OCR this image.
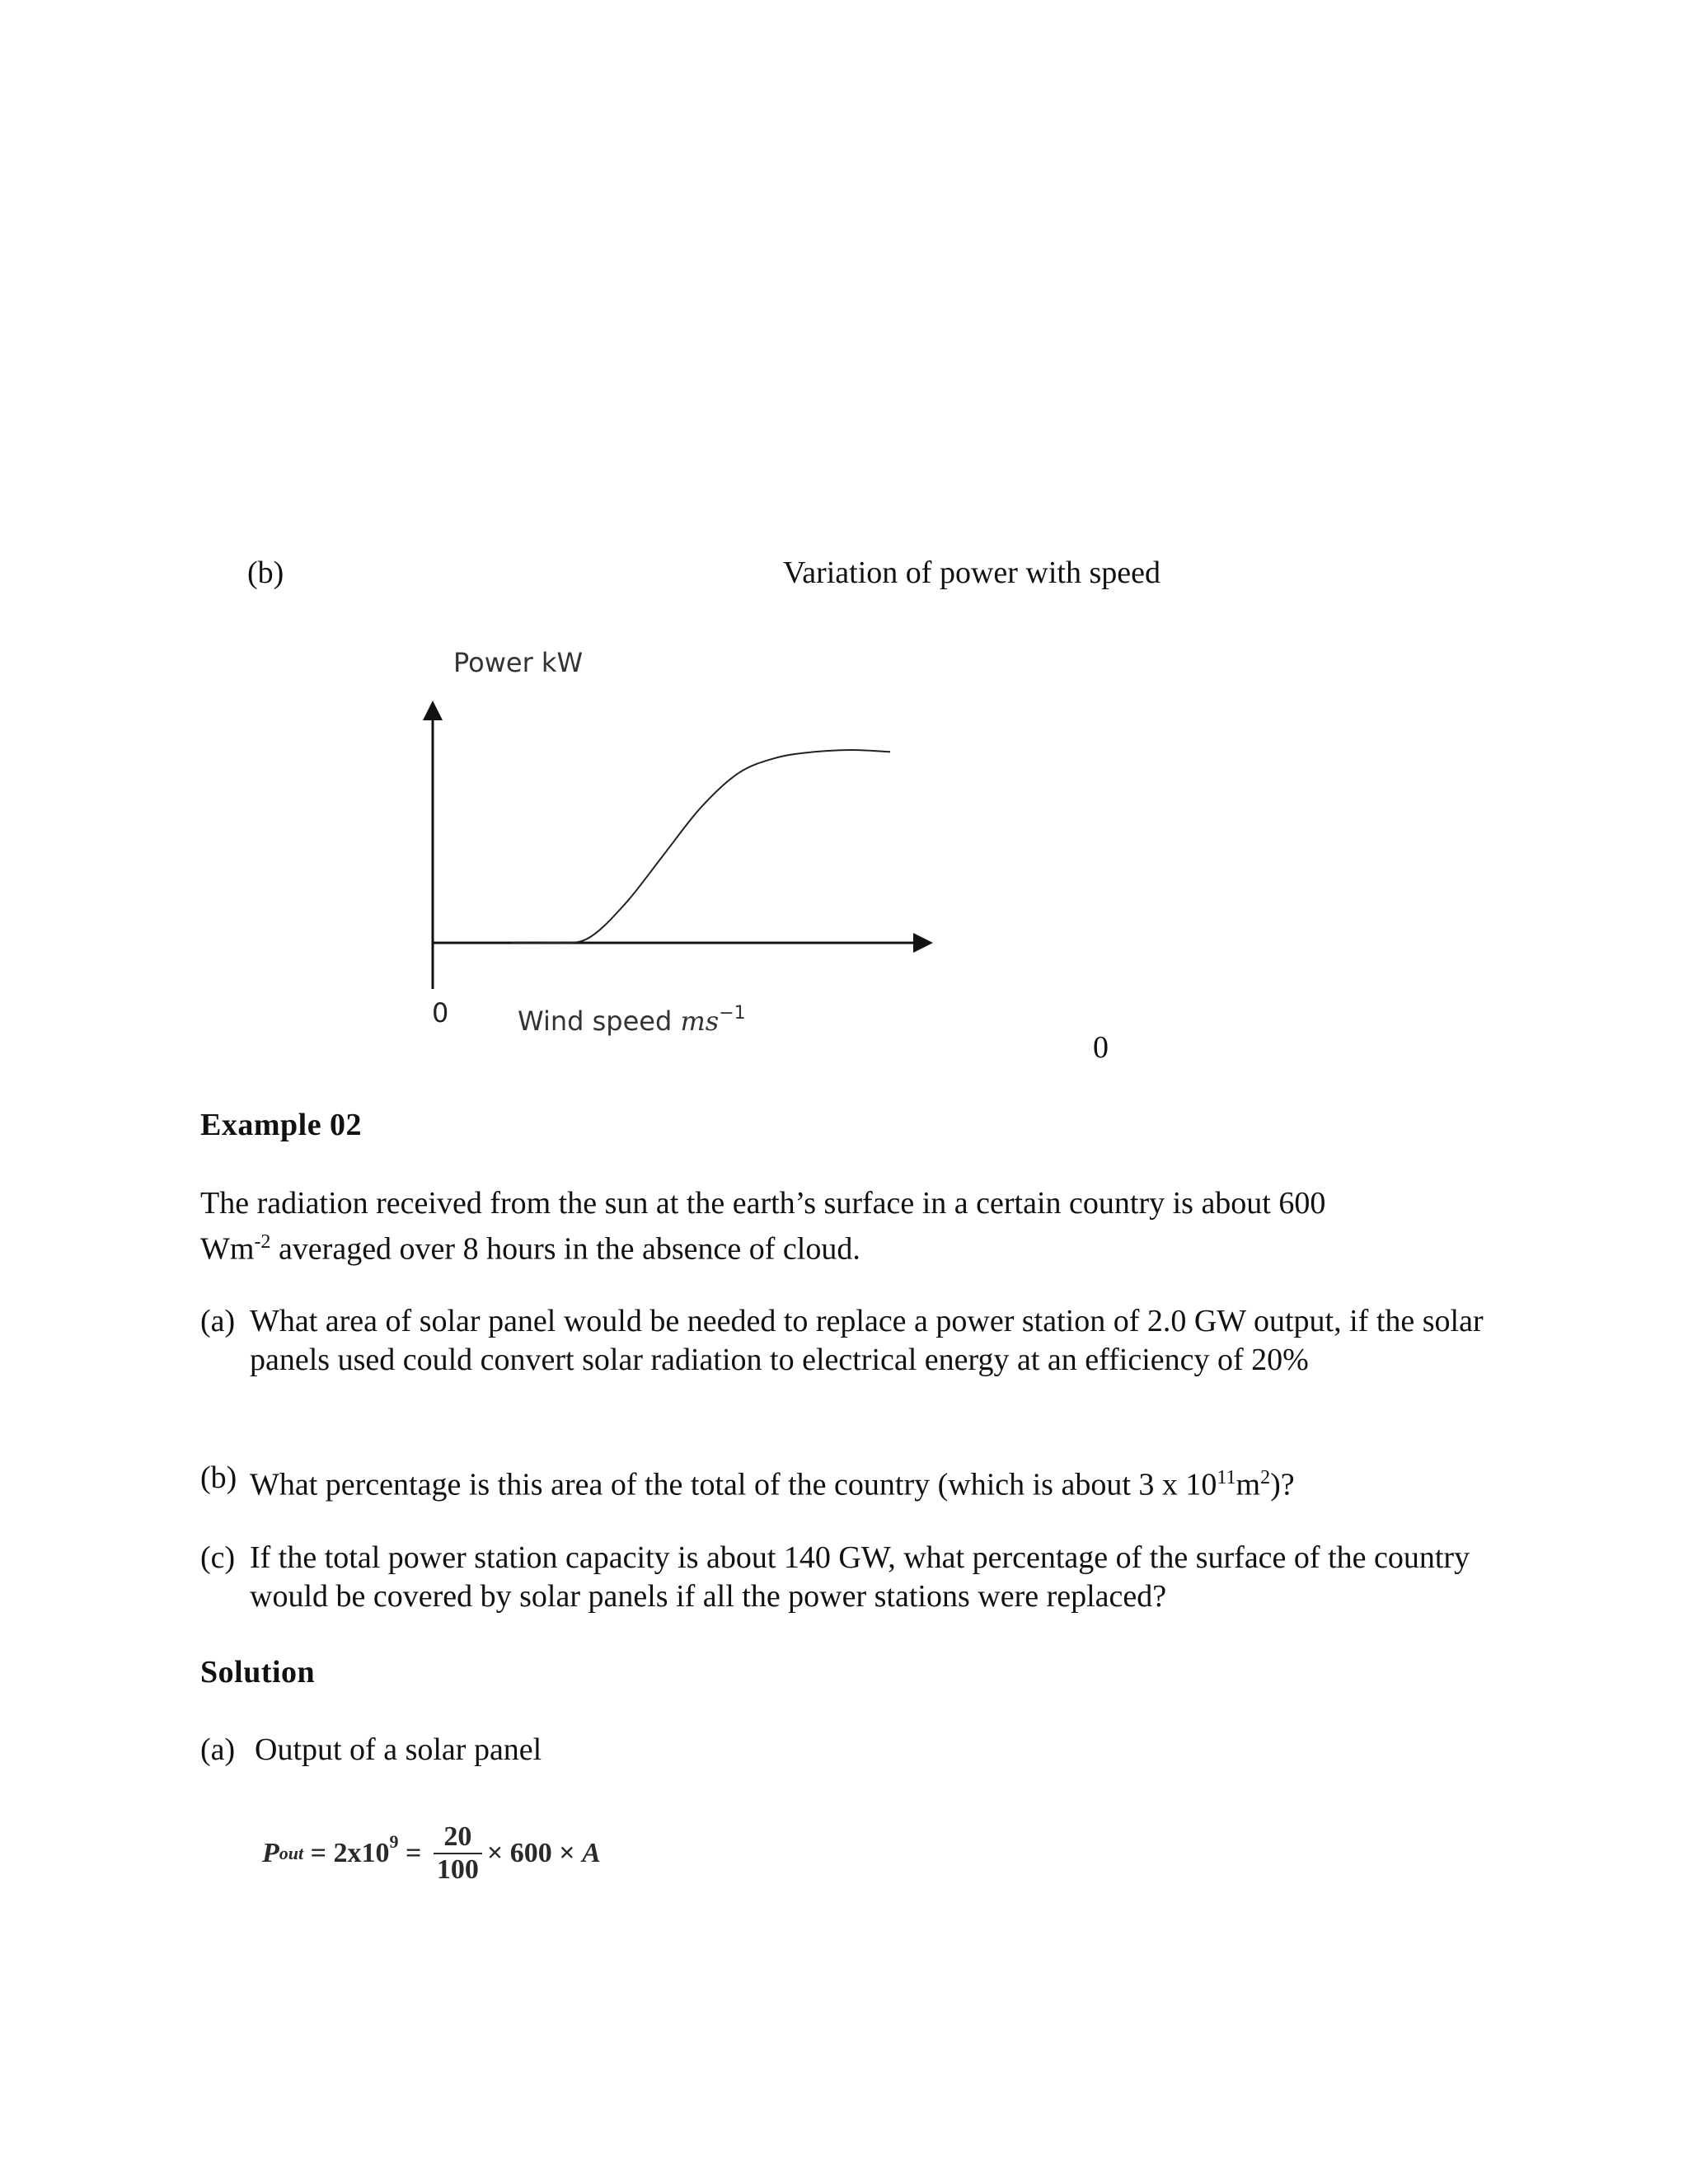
(b)	Variation of power with speed
Power kW
0	Wind speed $ms^{-1}$
0
Example 02
The radiation received from the sun at the earth’s surface in a certain country is about 600
$Wm^{-2}$ averaged over 8 hours in the absence of cloud.
(a) What area of solar panel would be needed to replace a power station of 2.0 GW output, if the solar panels used could convert solar radiation to electrical energy at an efficiency of 20%
(b) What percentage is this area of the total of the country (which is about 3 x $10^{11}m^2$)?
(c) If the total power station capacity is about 140 GW, what percentage of the surface of the country would be covered by solar panels if all the power stations were replaced?
Solution
(a) Output of a solar panel
P out = $2x10^9 = \frac{20}{100} \times 600 \times A$
